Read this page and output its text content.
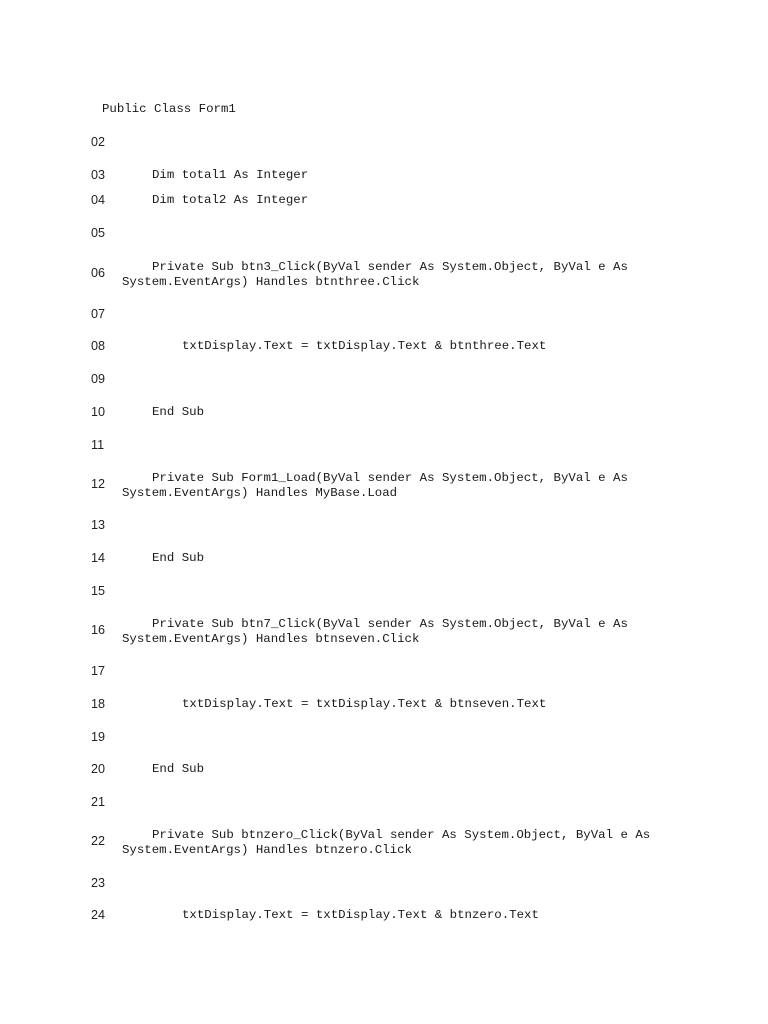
Public Class Form1

02

03

	Dim total1 As Integer

04

	Dim total2 As Integer

05

06

	Private Sub btn3_Click(ByVal sender As System.Object, ByVal e As

System.EventArgs) Handles btnthree.Click

07

08

	txtDisplay.Text = txtDisplay.Text & btnthree.Text

09

10

	End Sub

11

12

	Private Sub Form1_Load(ByVal sender As System.Object, ByVal e As

System.EventArgs) Handles MyBase.Load

13

14

	End Sub

15

16

	Private Sub btn7_Click(ByVal sender As System.Object, ByVal e As

System.EventArgs) Handles btnseven.Click

17

18

	txtDisplay.Text = txtDisplay.Text & btnseven.Text

19

20

	End Sub

21

22

	Private Sub btnzero_Click(ByVal sender As System.Object, ByVal e As

System.EventArgs) Handles btnzero.Click

23

24

	txtDisplay.Text = txtDisplay.Text & btnzero.Text
